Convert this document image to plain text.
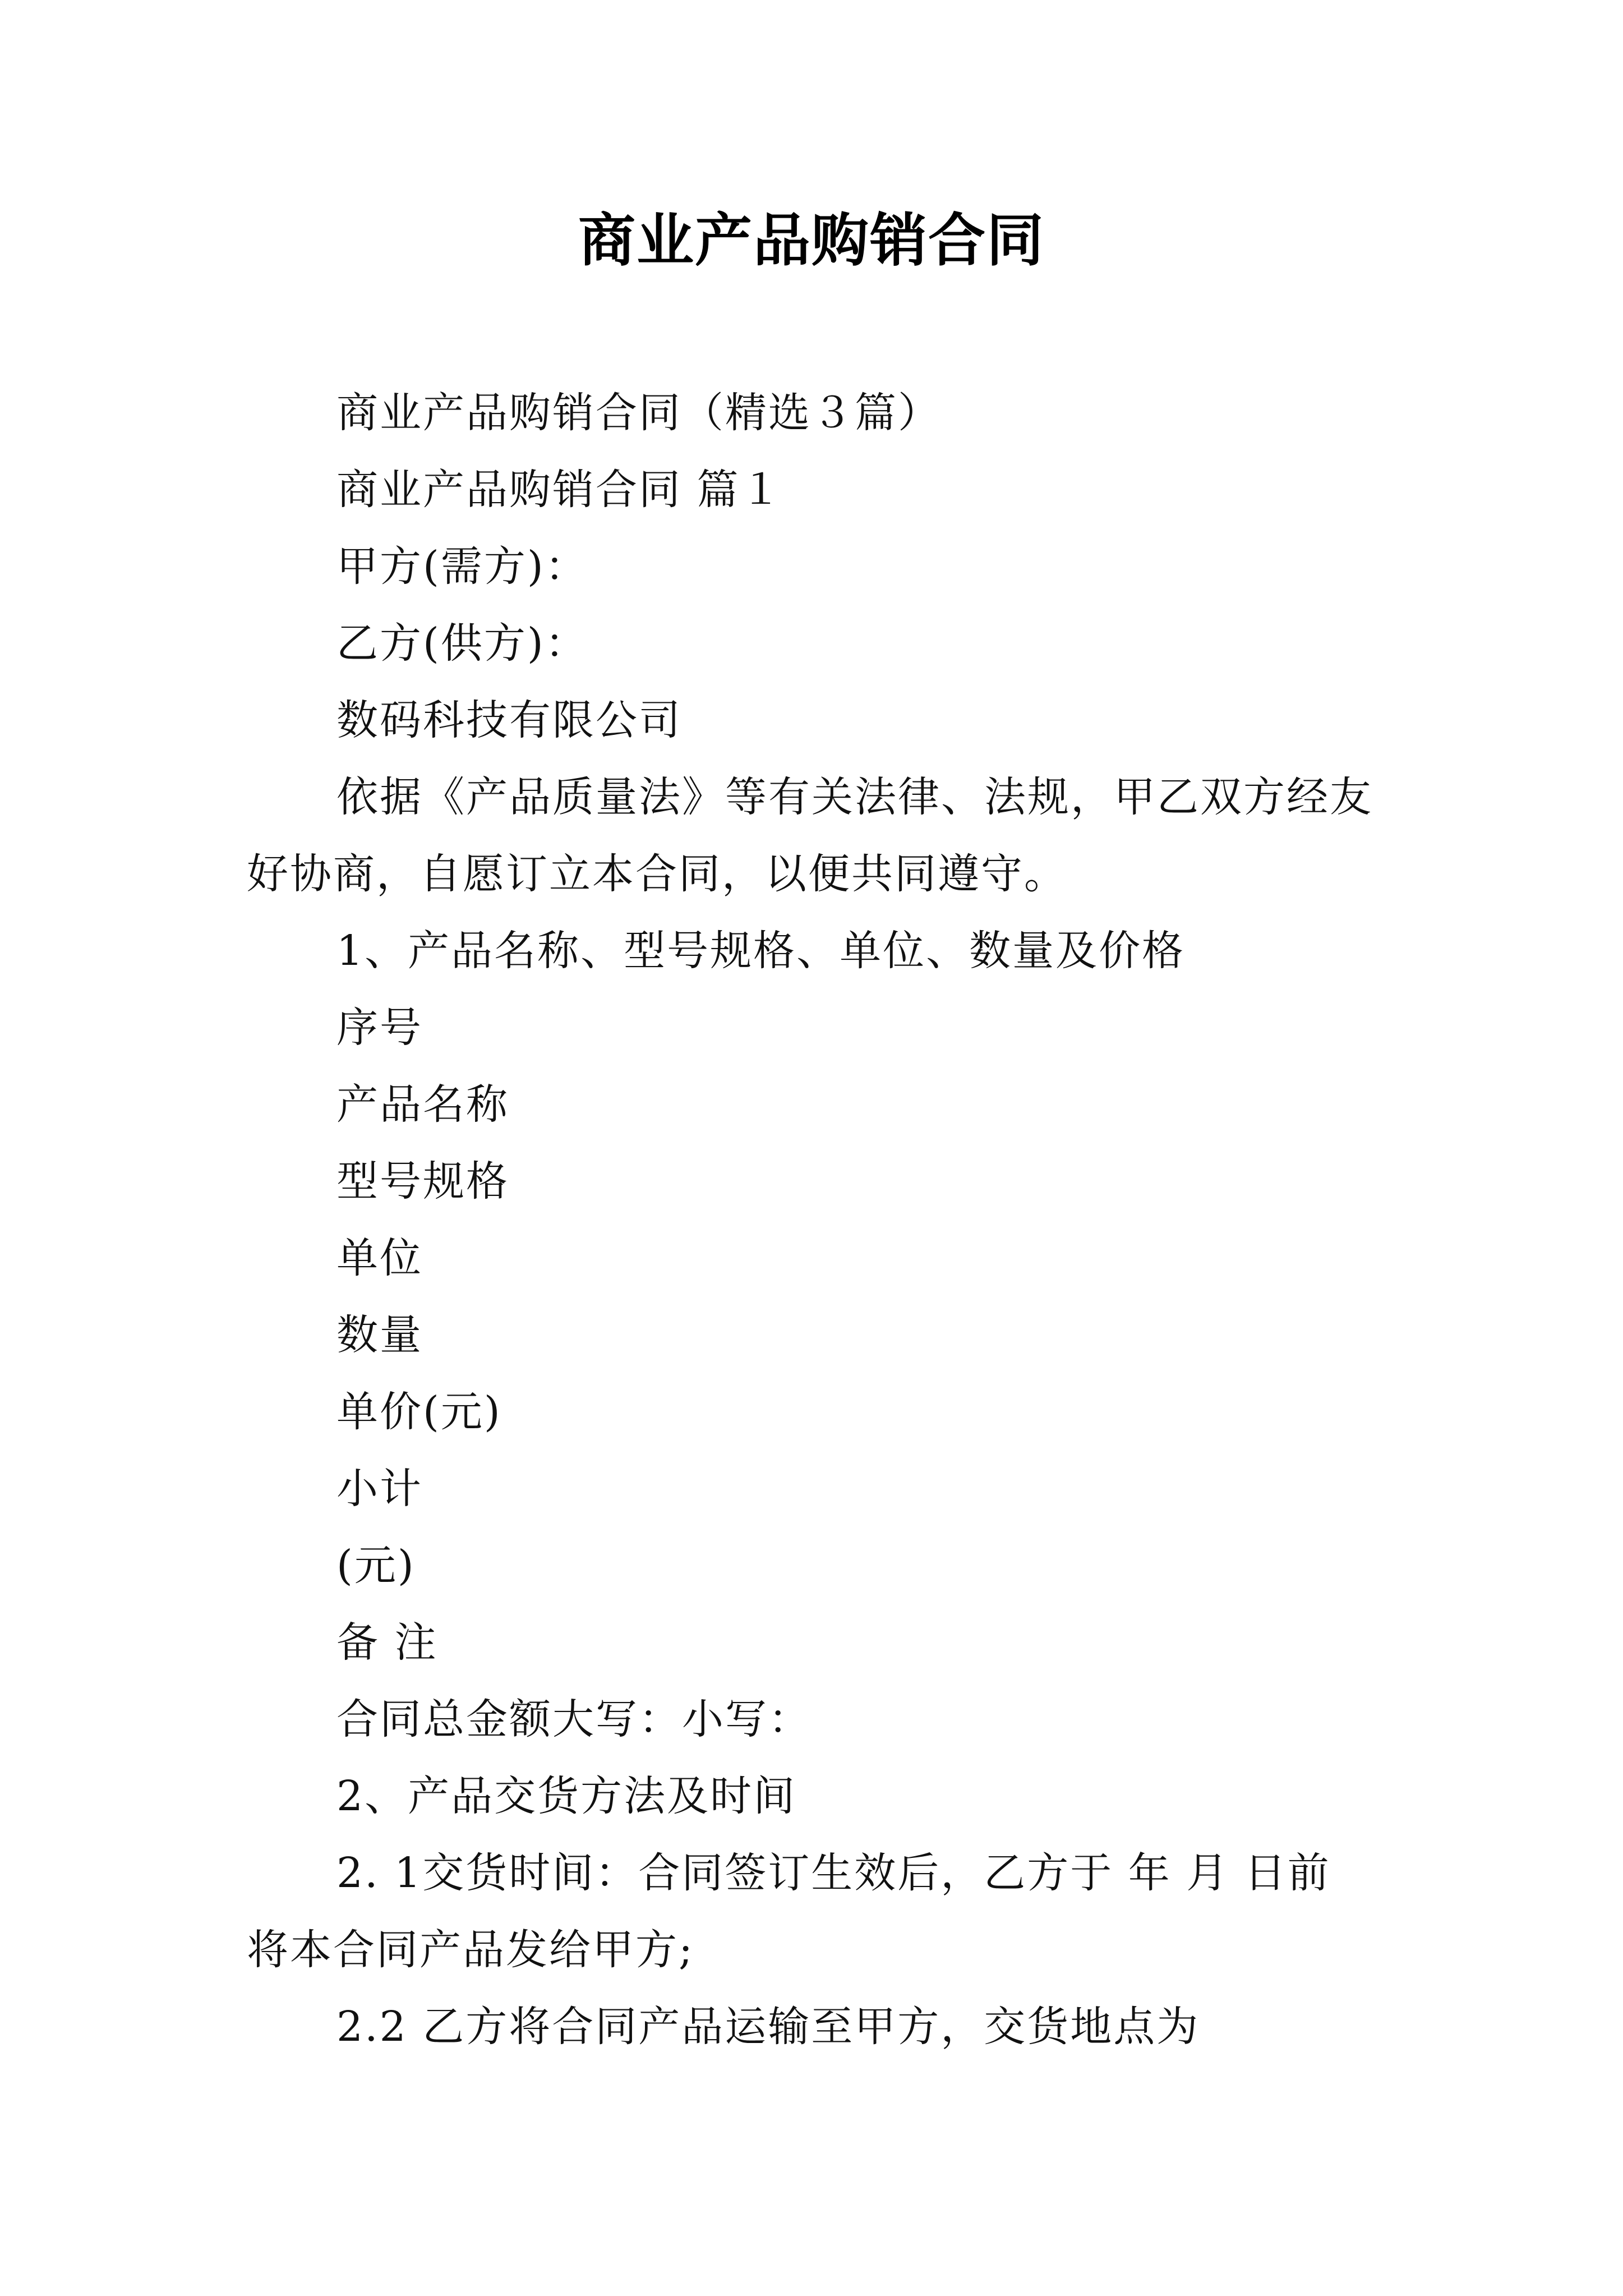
商业产品购销合同
商业产品购销合同（精选３篇）
商业产品购销合同 篇１
甲方(需方)：
乙方(供方)：
数码科技有限公司
依据《产品质量法》等有关法律、法规，甲乙双方经友
好协商，自愿订立本合同，以便共同遵守。
1、产品名称、型号规格、单位、数量及价格
序号
产品名称
型号规格
单位
数量
单价(元)
小计
(元)
备 注
合同总金额大写：小写：
2、产品交货方法及时间
2. 1交货时间：合同签订生效后，乙方于 年 月 日前
将本合同产品发给甲方;
2.2 乙方将合同产品运输至甲方，交货地点为
